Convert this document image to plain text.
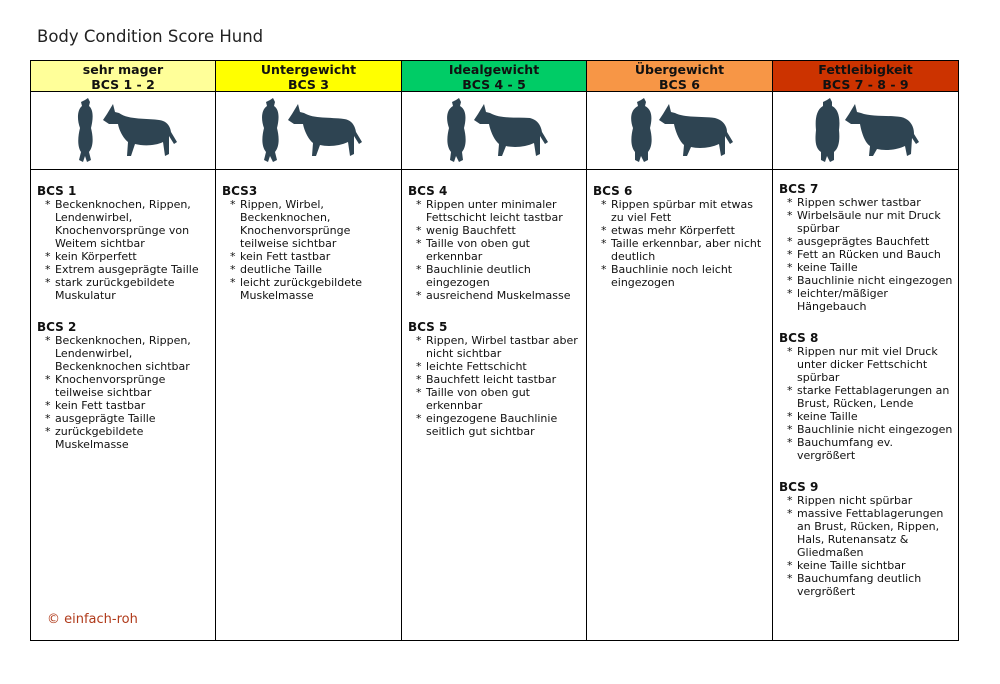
Body Condition Score Hund
sehr mager
BCS 1 - 2
Untergewicht
BCS 3
Idealgewicht
BCS 4 - 5
Übergewicht
BCS 6
Fettleibigkeit
BCS 7 - 8 - 9
BCS 1
* Beckenknochen, Rippen, Lendenwirbel, Knochenvorsprünge von Weitem sichtbar
* kein Körperfett
* Extrem ausgeprägte Taille
* stark zurückgebildete Muskulatur
BCS 2
* Beckenknochen, Rippen, Lendenwirbel, Beckenknochen sichtbar
* Knochenvorsprünge teilweise sichtbar
* kein Fett tastbar
* ausgeprägte Taille
* zurückgebildete Muskelmasse
BCS3
* Rippen, Wirbel, Beckenknochen, Knochenvorsprünge teilweise sichtbar
* kein Fett tastbar
* deutliche Taille
* leicht zurückgebildete Muskelmasse
BCS 4
* Rippen unter minimaler Fettschicht leicht tastbar
* wenig Bauchfett
* Taille von oben gut erkennbar
* Bauchlinie deutlich eingezogen
* ausreichend Muskelmasse
BCS 5
* Rippen, Wirbel tastbar aber nicht sichtbar
* leichte Fettschicht
* Bauchfett leicht tastbar
* Taille von oben gut erkennbar
* eingezogene Bauchlinie seitlich gut sichtbar
BCS 6
* Rippen spürbar mit etwas zu viel Fett
* etwas mehr Körperfett
* Taille erkennbar, aber nicht deutlich
* Bauchlinie noch leicht eingezogen
BCS 7
* Rippen schwer tastbar
* Wirbelsäule nur mit Druck spürbar
* ausgeprägtes Bauchfett
* Fett an Rücken und Bauch
* keine Taille
* Bauchlinie nicht eingezogen
* leichter/mäßiger Hängebauch
BCS 8
* Rippen nur mit viel Druck unter dicker Fettschicht spürbar
* starke Fettablagerungen an Brust, Rücken, Lende
* keine Taille
* Bauchlinie nicht eingezogen
* Bauchumfang ev. vergrößert
BCS 9
* Rippen nicht spürbar
* massive Fettablagerungen an Brust, Rücken, Rippen, Hals, Rutenansatz & Gliedmaßen
* keine Taille sichtbar
* Bauchumfang deutlich vergrößert
© einfach-roh
